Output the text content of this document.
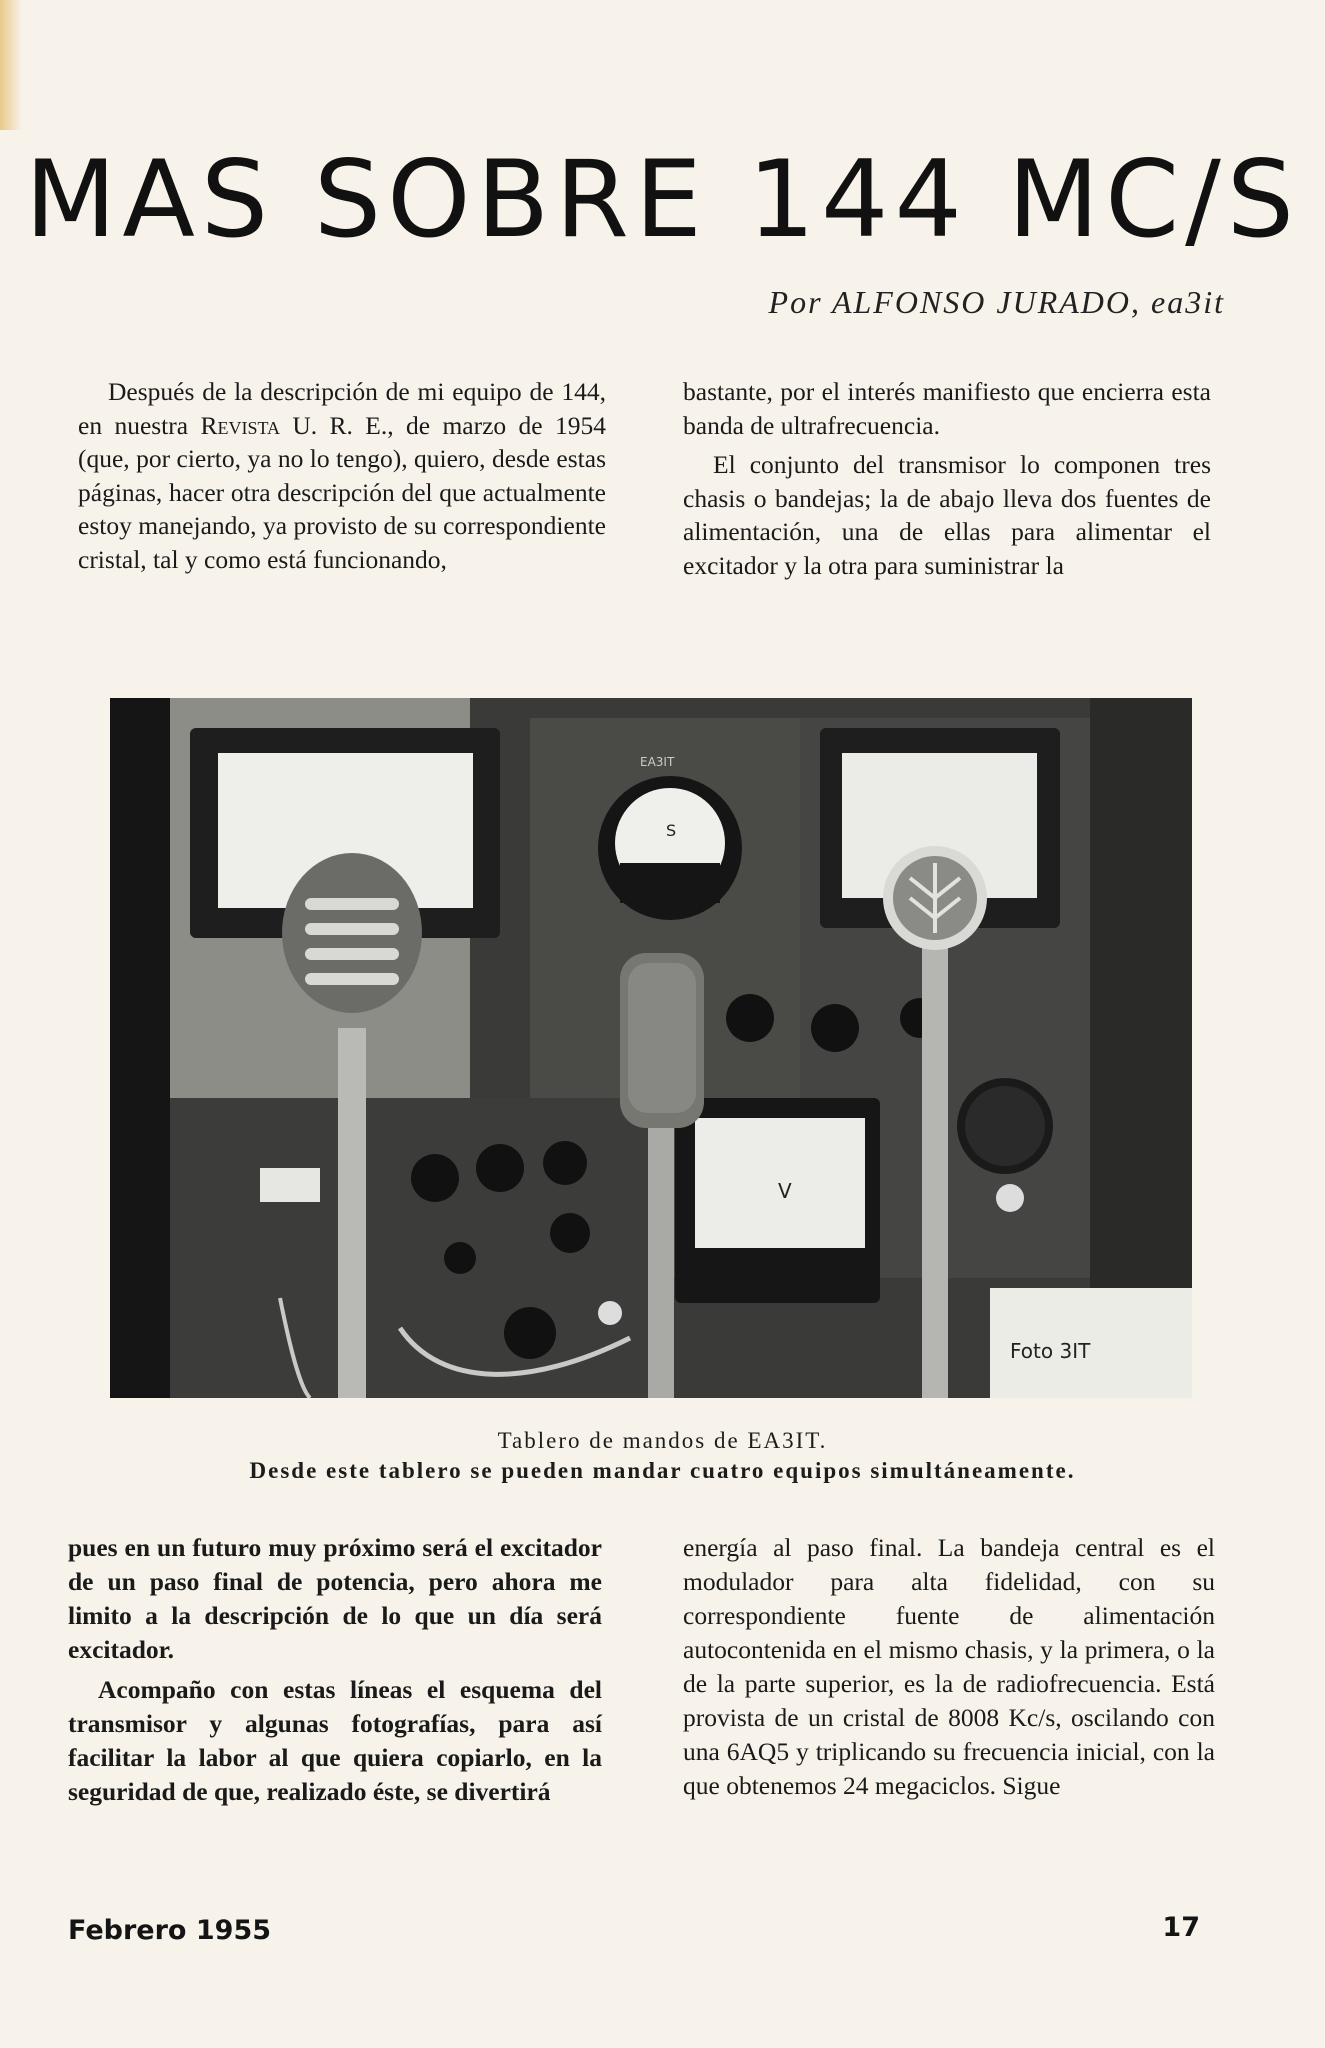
MAS SOBRE 144 MC/S
Por ALFONSO JURADO, ea3it

Después de la descripción de mi equipo de 144, en nuestra Revista U. R. E., de marzo de 1954 (que, por cierto, ya no lo tengo), quiero, desde estas páginas, hacer otra descripción del que actualmente estoy manejando, ya provisto de su correspondiente cristal, tal y como está funcionando,

bastante, por el interés manifiesto que encierra esta banda de ultrafrecuencia.

El conjunto del transmisor lo componen tres chasis o bandejas; la de abajo lleva dos fuentes de alimentación, una de ellas para alimentar el excitador y la otra para suministrar la

S
EA3IT
V
Foto 3IT
Tablero de mandos de EA3IT.
Desde este tablero se pueden mandar cuatro equipos simultáneamente.

pues en un futuro muy próximo será el excitador de un paso final de potencia, pero ahora me limito a la descripción de lo que un día será excitador.

Acompaño con estas líneas el esquema del transmisor y algunas fotografías, para así facilitar la labor al que quiera copiarlo, en la seguridad de que, realizado éste, se divertirá

energía al paso final. La bandeja central es el modulador para alta fidelidad, con su correspondiente fuente de alimentación autocontenida en el mismo chasis, y la primera, o la de la parte superior, es la de radiofrecuencia. Está provista de un cristal de 8008 Kc/s, oscilando con una 6AQ5 y triplicando su frecuencia inicial, con la que obtenemos 24 megaciclos. Sigue

Febrero 1955	17
